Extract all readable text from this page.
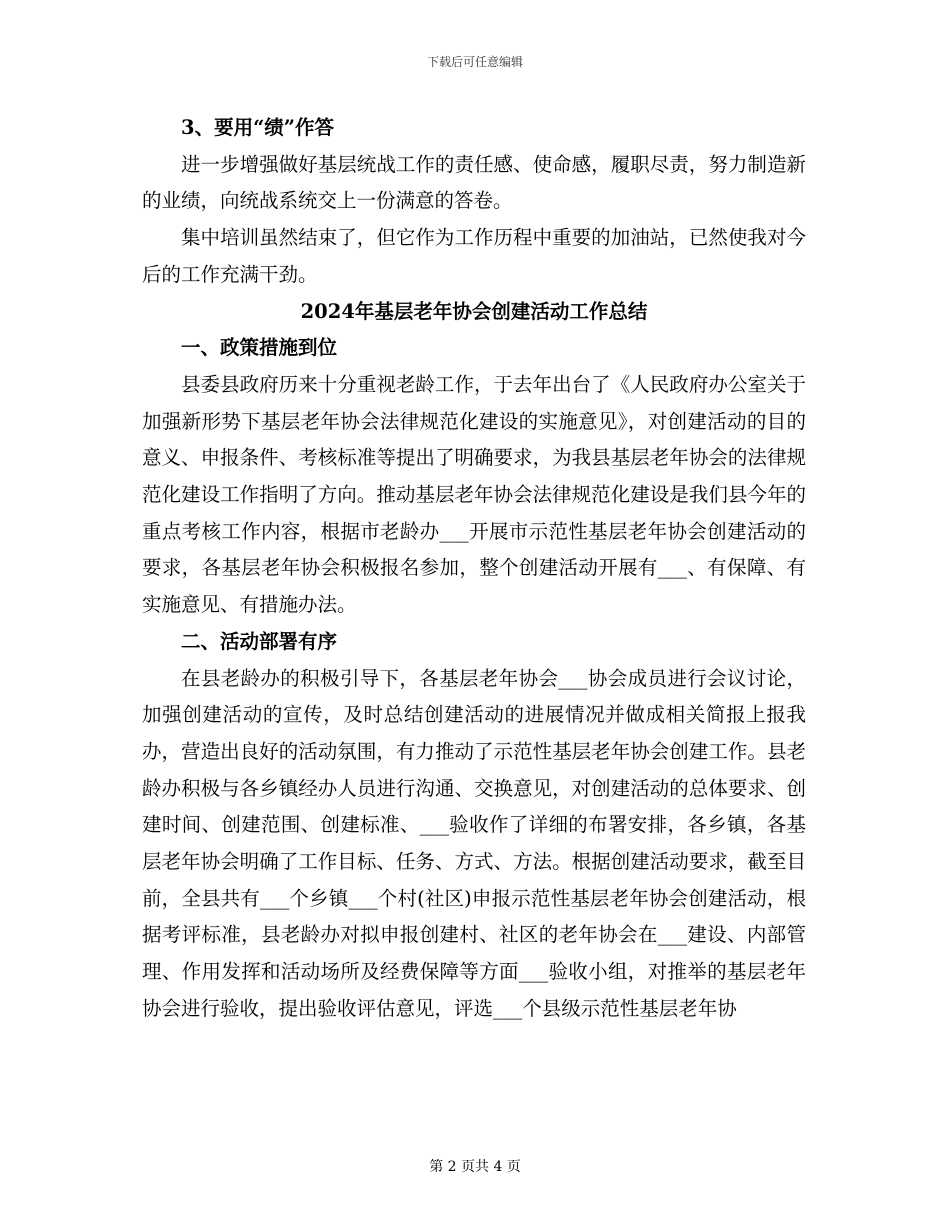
下载后可任意编辑

3、要用“绩”作答

进一步增强做好基层统战工作的责任感、使命感，履职尽责，努力制造新的业绩，向统战系统交上一份满意的答卷。

集中培训虽然结束了，但它作为工作历程中重要的加油站，已然使我对今后的工作充满干劲。

2024年基层老年协会创建活动工作总结

一、政策措施到位

县委县政府历来十分重视老龄工作，于去年出台了《人民政府办公室关于加强新形势下基层老年协会法律规范化建设的实施意见》，对创建活动的目的意义、申报条件、考核标准等提出了明确要求，为我县基层老年协会的法律规范化建设工作指明了方向。推动基层老年协会法律规范化建设是我们县今年的重点考核工作内容，根据市老龄办___开展市示范性基层老年协会创建活动的要求，各基层老年协会积极报名参加，整个创建活动开展有___、有保障、有实施意见、有措施办法。

二、活动部署有序

在县老龄办的积极引导下，各基层老年协会___协会成员进行会议讨论，加强创建活动的宣传，及时总结创建活动的进展情况并做成相关简报上报我办，营造出良好的活动氛围，有力推动了示范性基层老年协会创建工作。县老龄办积极与各乡镇经办人员进行沟通、交换意见，对创建活动的总体要求、创建时间、创建范围、创建标准、___验收作了详细的布署安排，各乡镇，各基层老年协会明确了工作目标、任务、方式、方法。根据创建活动要求，截至目前，全县共有___个乡镇___个村(社区)申报示范性基层老年协会创建活动，根据考评标准，县老龄办对拟申报创建村、社区的老年协会在___建设、内部管理、作用发挥和活动场所及经费保障等方面___验收小组，对推举的基层老年协会进行验收，提出验收评估意见，评选___个县级示范性基层老年协

第 2 页共 4 页
